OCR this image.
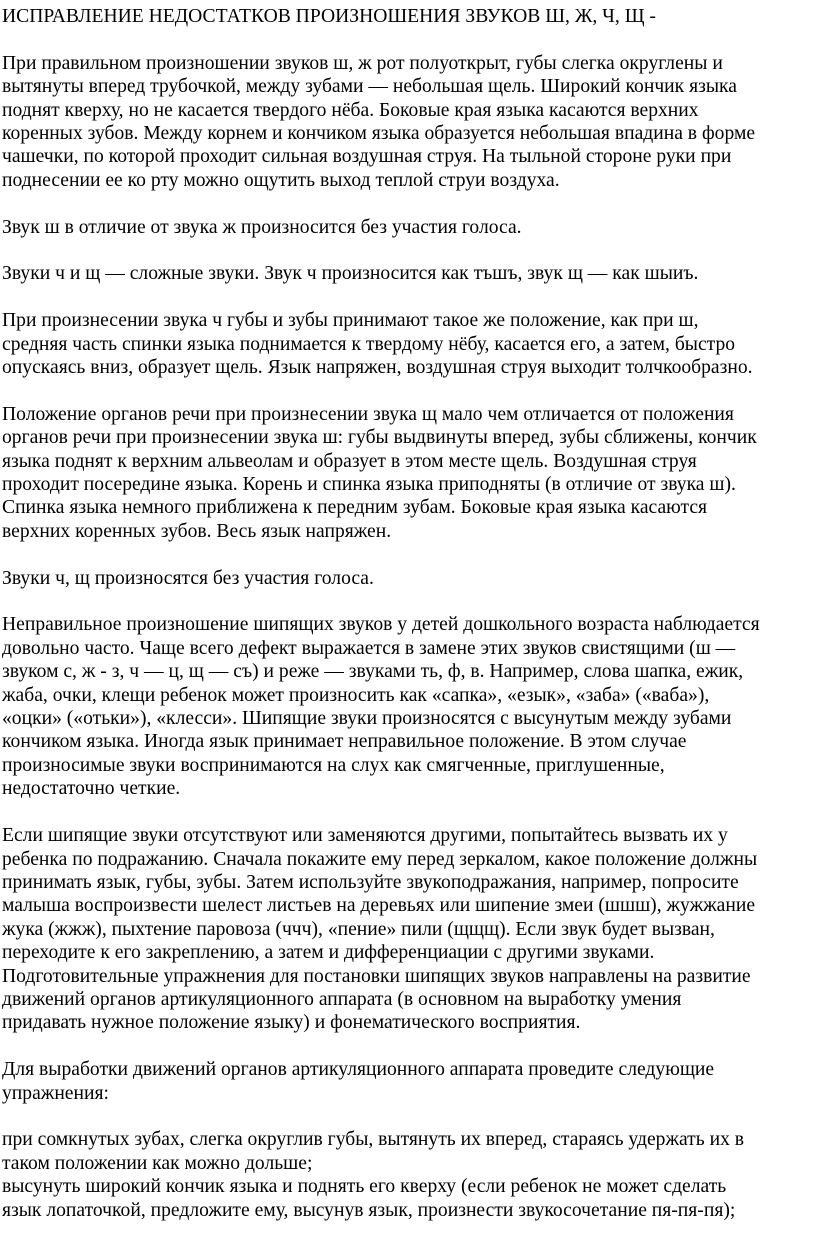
ИСПРАВЛЕНИЕ НЕДОСТАТКОВ ПРОИЗНОШЕНИЯ ЗВУКОВ Ш, Ж, Ч, Щ -
При правильном произношении звуков ш, ж рот полуоткрыт, губы слегка округлены и
вытянуты вперед трубочкой, между зубами — небольшая щель. Широкий кончик языка
поднят кверху, но не касается твердого нёба. Боковые края языка касаются верхних
коренных зубов. Между корнем и кончиком языка образуется небольшая впадина в форме
чашечки, по которой проходит сильная воздушная струя. На тыльной стороне руки при
поднесении ее ко рту можно ощутить выход теплой струи воздуха.
Звук ш в отличие от звука ж произносится без участия голоса.
Звуки ч и щ — сложные звуки. Звук ч произносится как тъшъ, звук щ — как шыиъ.
При произнесении звука ч губы и зубы принимают такое же положение, как при ш,
средняя часть спинки языка поднимается к твердому нёбу, касается его, а затем, быстро
опускаясь вниз, образует щель. Язык напряжен, воздушная струя выходит толчкообразно.
Положение органов речи при произнесении звука щ мало чем отличается от положения
органов речи при произнесении звука ш: губы выдвинуты вперед, зубы сближены, кончик
языка поднят к верхним альвеолам и образует в этом месте щель. Воздушная струя
проходит посередине языка. Корень и спинка языка приподняты (в отличие от звука ш).
Спинка языка немного приближена к передним зубам. Боковые края языка касаются
верхних коренных зубов. Весь язык напряжен.
Звуки ч, щ произносятся без участия голоса.
Неправильное произношение шипящих звуков у детей дошкольного возраста наблюдается
довольно часто. Чаще всего дефект выражается в замене этих звуков свистящими (ш —
звуком с, ж - з, ч — ц, щ — съ) и реже — звуками ть, ф, в. Например, слова шапка, ежик,
жаба, очки, клещи ребенок может произносить как «сапка», «езык», «заба» («ваба»),
«оцки» («отьки»), «клесси». Шипящие звуки произносятся с высунутым между зубами
кончиком языка. Иногда язык принимает неправильное положение. В этом случае
произносимые звуки воспринимаются на слух как смягченные, приглушенные,
недостаточно четкие.
Если шипящие звуки отсутствуют или заменяются другими, попытайтесь вызвать их у
ребенка по подражанию. Сначала покажите ему перед зеркалом, какое положение должны
принимать язык, губы, зубы. Затем используйте звукоподражания, например, попросите
малыша воспроизвести шелест листьев на деревьях или шипение змеи (шшш), жужжание
жука (жжж), пыхтение паровоза (ччч), «пение» пили (щщщ). Если звук будет вызван,
переходите к его закреплению, а затем и дифференциации с другими звуками.
Подготовительные упражнения для постановки шипящих звуков направлены на развитие
движений органов артикуляционного аппарата (в основном на выработку умения
придавать нужное положение языку) и фонематического восприятия.
Для выработки движений органов артикуляционного аппарата проведите следующие
упражнения:
при сомкнутых зубах, слегка округлив губы, вытянуть их вперед, стараясь удержать их в
таком положении как можно дольше;
высунуть широкий кончик языка и поднять его кверху (если ребенок не может сделать
язык лопаточкой, предложите ему, высунув язык, произнести звукосочетание пя-пя-пя);
